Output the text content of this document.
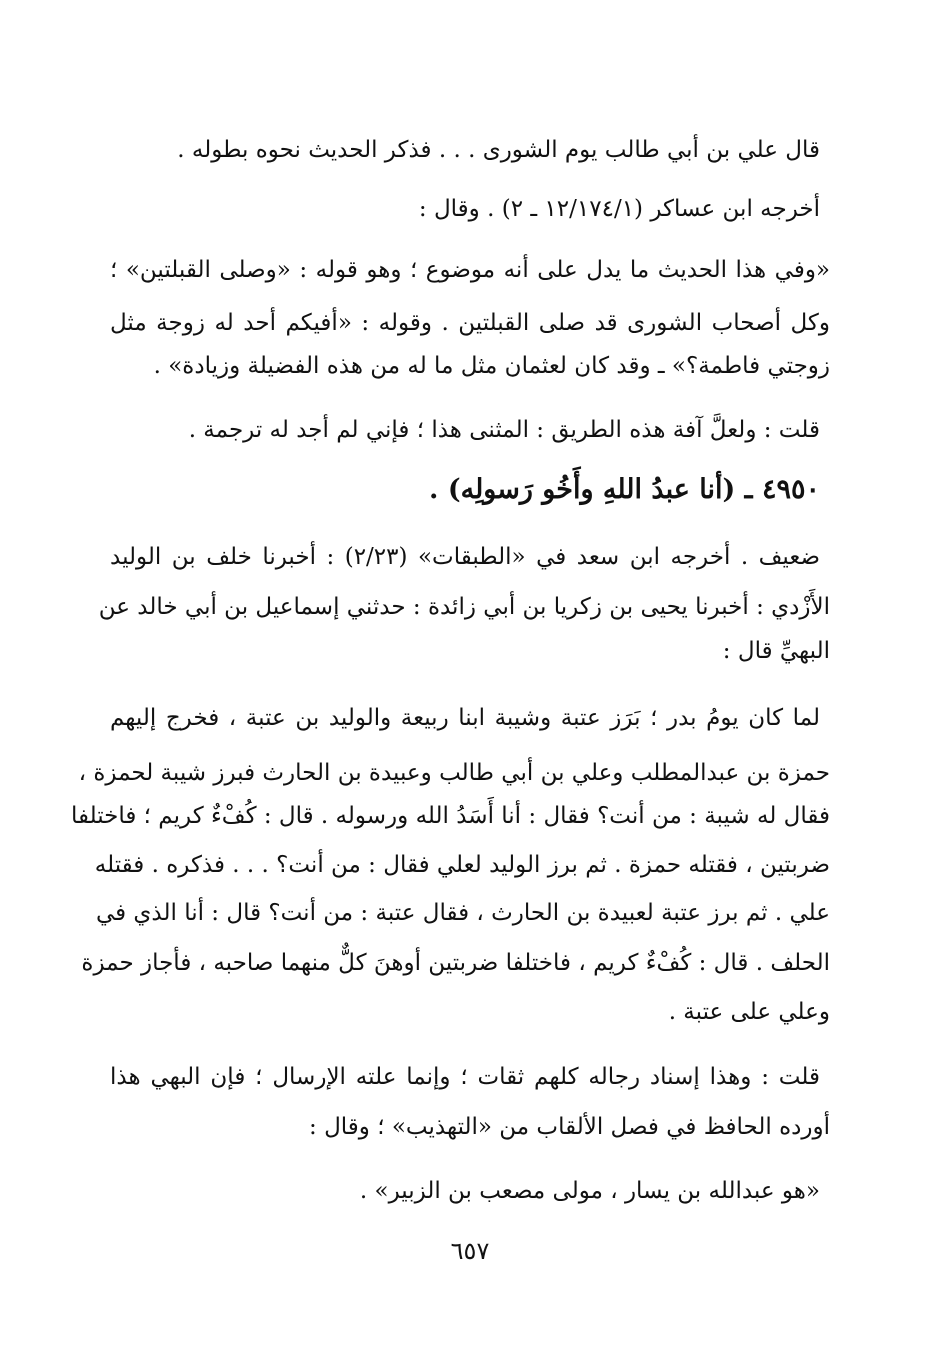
قال علي بن أبي طالب يوم الشورى . . . فذكر الحديث نحوه بطوله .
أخرجه ابن عساكر (١٢/١٧٤/١ ـ ٢) . وقال :
«وفي هذا الحديث ما يدل على أنه موضوع ؛ وهو قوله : «وصلى القبلتين» ؛
وكل أصحاب الشورى قد صلى القبلتين . وقوله : «أفيكم أحد له زوجة مثل
زوجتي فاطمة؟» ـ وقد كان لعثمان مثل ما له من هذه الفضيلة وزيادة» .
قلت : ولعلَّ آفة هذه الطريق : المثنى هذا ؛ فإني لم أجد له ترجمة .
٤٩٥٠ ـ (أنا عبدُ اللهِ وأَخُو رَسولِه) .
ضعيف . أخرجه ابن سعد في «الطبقات» (٢/٢٣) : أخبرنا خلف بن الوليد
الأَزْدي : أخبرنا يحيى بن زكريا بن أبي زائدة : حدثني إسماعيل بن أبي خالد عن
البهيِّ قال :
لما كان يومُ بدر ؛ بَرَز عتبة وشيبة ابنا ربيعة والوليد بن عتبة ، فخرج إليهم
حمزة بن عبدالمطلب وعلي بن أبي طالب وعبيدة بن الحارث فبرز شيبة لحمزة ،
فقال له شيبة : من أنت؟ فقال : أنا أَسَدُ الله ورسوله . قال : كُفْءٌ كريم ؛ فاختلفا
ضربتين ، فقتله حمزة . ثم برز الوليد لعلي فقال : من أنت؟ . . . فذكره . فقتله
علي . ثم برز عتبة لعبيدة بن الحارث ، فقال عتبة : من أنت؟ قال : أنا الذي في
الحلف . قال : كُفْءٌ كريم ، فاختلفا ضربتين أوهنَ كلٌّ منهما صاحبه ، فأجاز حمزة
وعلي على عتبة .
قلت : وهذا إسناد رجاله كلهم ثقات ؛ وإنما علته الإرسال ؛ فإن البهي هذا
أورده الحافظ في فصل الألقاب من «التهذيب» ؛ وقال :
«هو عبدالله بن يسار ، مولى مصعب بن الزبير» .
٦٥٧
